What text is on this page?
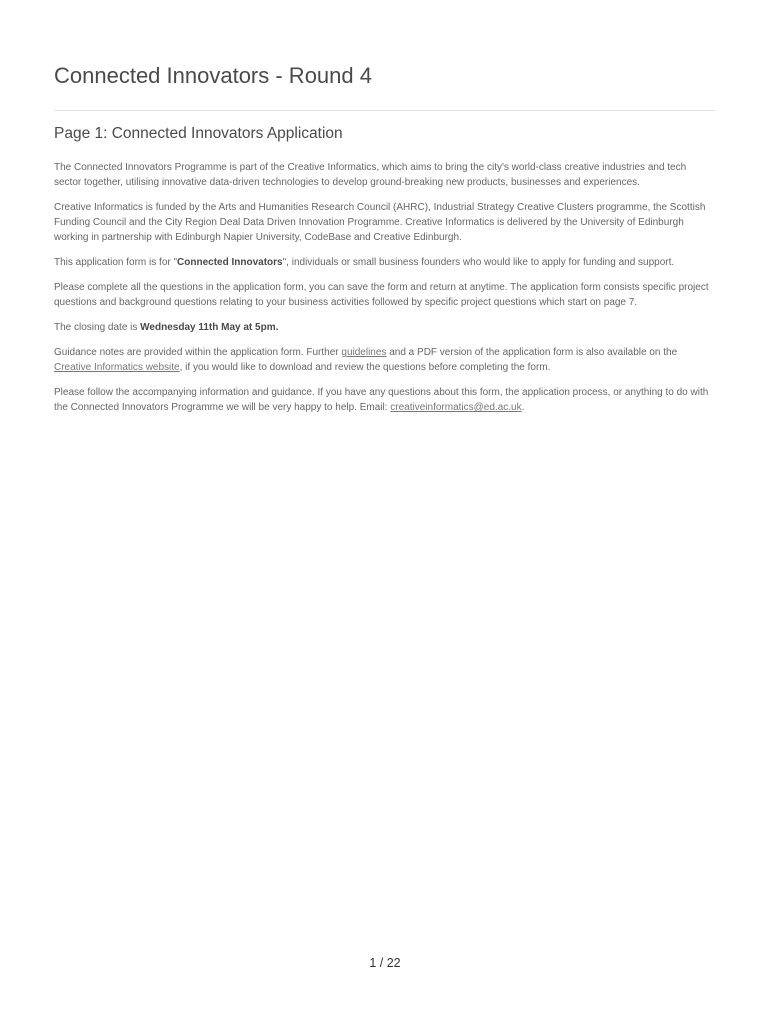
Connected Innovators - Round 4
Page 1: Connected Innovators Application

The Connected Innovators Programme is part of the Creative Informatics, which aims to bring the city's world-class creative industries and tech sector together, utilising innovative data-driven technologies to develop ground-breaking new products, businesses and experiences.

Creative Informatics is funded by the Arts and Humanities Research Council (AHRC), Industrial Strategy Creative Clusters programme, the Scottish Funding Council and the City Region Deal Data Driven Innovation Programme. Creative Informatics is delivered by the University of Edinburgh working in partnership with Edinburgh Napier University, CodeBase and Creative Edinburgh.

This application form is for "Connected Innovators", individuals or small business founders who would like to apply for funding and support.

Please complete all the questions in the application form, you can save the form and return at anytime. The application form consists specific project questions and background questions relating to your business activities followed by specific project questions which start on page 7.

The closing date is Wednesday 11th May at 5pm.

Guidance notes are provided within the application form. Further guidelines and a PDF version of the application form is also available on the Creative Informatics website, if you would like to download and review the questions before completing the form.

Please follow the accompanying information and guidance. If you have any questions about this form, the application process, or anything to do with the Connected Innovators Programme we will be very happy to help. Email: creativeinformatics@ed.ac.uk.

1 / 22
